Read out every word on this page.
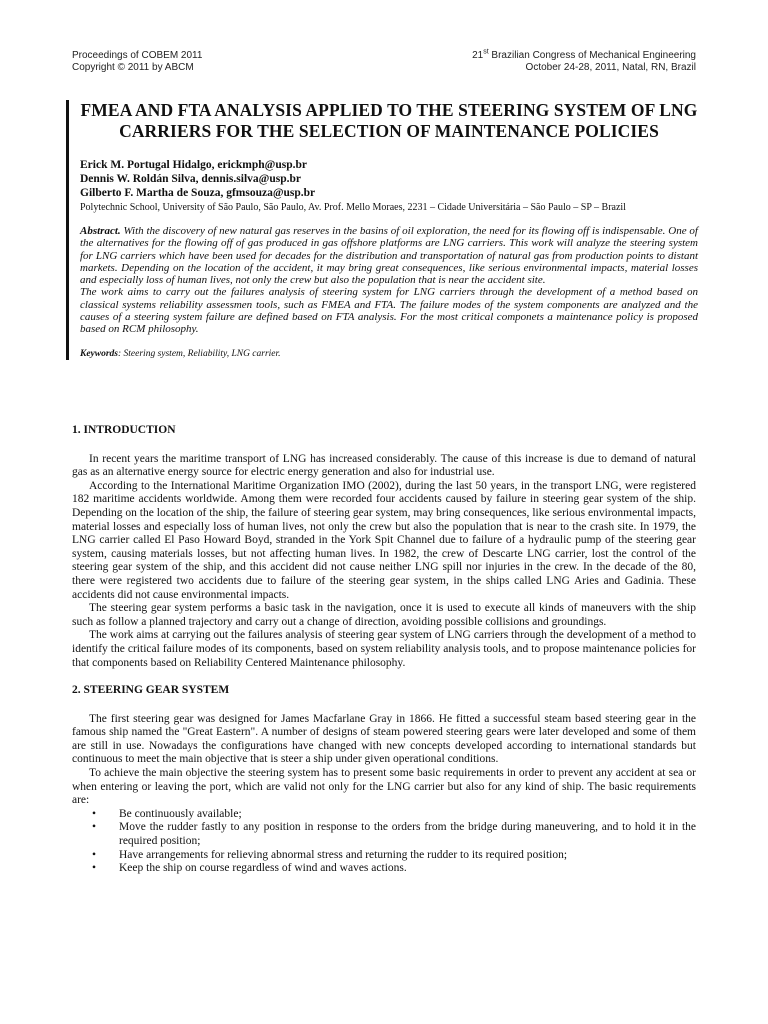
Proceedings of COBEM 2011
Copyright © 2011 by ABCM
21st Brazilian Congress of Mechanical Engineering
October 24-28, 2011, Natal, RN, Brazil
FMEA AND FTA ANALYSIS APPLIED TO THE STEERING SYSTEM OF LNG CARRIERS FOR THE SELECTION OF MAINTENANCE POLICIES
Erick M. Portugal Hidalgo, erickmph@usp.br
Dennis W. Roldán Silva, dennis.silva@usp.br
Gilberto F. Martha de Souza, gfmsouza@usp.br
Polytechnic School, University of São Paulo, São Paulo, Av. Prof. Mello Moraes, 2231 – Cidade Universitária – São Paulo – SP – Brazil

Abstract. With the discovery of new natural gas reserves in the basins of oil exploration, the need for its flowing off is indispensable. One of the alternatives for the flowing off of gas produced in gas offshore platforms are LNG carriers. This work will analyze the steering system for LNG carriers which have been used for decades for the distribution and transportation of natural gas from production points to distant markets. Depending on the location of the accident, it may bring great consequences, like serious environmental impacts, material losses and especially loss of human lives, not only the crew but also the population that is near the accident site.

The work aims to carry out the failures analysis of steering system for LNG carriers through the development of a method based on classical systems reliability assessmen tools, such as FMEA and FTA. The failure modes of the system components are analyzed and the causes of a steering system failure are defined based on FTA analysis. For the most critical componets a maintenance policy is proposed based on RCM philosophy.

Keywords: Steering system, Reliability, LNG carrier.
1. INTRODUCTION

In recent years the maritime transport of LNG has increased considerably. The cause of this increase is due to demand of natural gas as an alternative energy source for electric energy generation and also for industrial use.

According to the International Maritime Organization IMO (2002), during the last 50 years, in the transport LNG, were registered 182 maritime accidents worldwide. Among them were recorded four accidents caused by failure in steering gear system of the ship. Depending on the location of the ship, the failure of steering gear system, may bring consequences, like serious environmental impacts, material losses and especially loss of human lives, not only the crew but also the population that is near to the crash site. In 1979, the LNG carrier called El Paso Howard Boyd, stranded in the York Spit Channel due to failure of a hydraulic pump of the steering gear system, causing materials losses, but not affecting human lives. In 1982, the crew of Descarte LNG carrier, lost the control of the steering gear system of the ship, and this accident did not cause neither LNG spill nor injuries in the crew. In the decade of the 80, there were registered two accidents due to failure of the steering gear system, in the ships called LNG Aries and Gadinia. These accidents did not cause environmental impacts.

The steering gear system performs a basic task in the navigation, once it is used to execute all kinds of maneuvers with the ship such as follow a planned trajectory and carry out a change of direction, avoiding possible collisions and groundings.

The work aims at carrying out the failures analysis of steering gear system of LNG carriers through the development of a method to identify the critical failure modes of its components, based on system reliability analysis tools, and to propose maintenance policies for that components based on Reliability Centered Maintenance philosophy.

2. STEERING GEAR SYSTEM

The first steering gear was designed for James Macfarlane Gray in 1866. He fitted a successful steam based steering gear in the famous ship named the "Great Eastern". A number of designs of steam powered steering gears were later developed and some of them are still in use. Nowadays the configurations have changed with new concepts developed according to international standards but continuous to meet the main objective that is steer a ship under given operational conditions.

To achieve the main objective the steering system has to present some basic requirements in order to prevent any accident at sea or when entering or leaving the port, which are valid not only for the LNG carrier but also for any kind of ship. The basic requirements are:

• Be continuously available;
• Move the rudder fastly to any position in response to the orders from the bridge during maneuvering, and to hold it in the required position;
• Have arrangements for relieving abnormal stress and returning the rudder to its required position;
• Keep the ship on course regardless of wind and waves actions.
